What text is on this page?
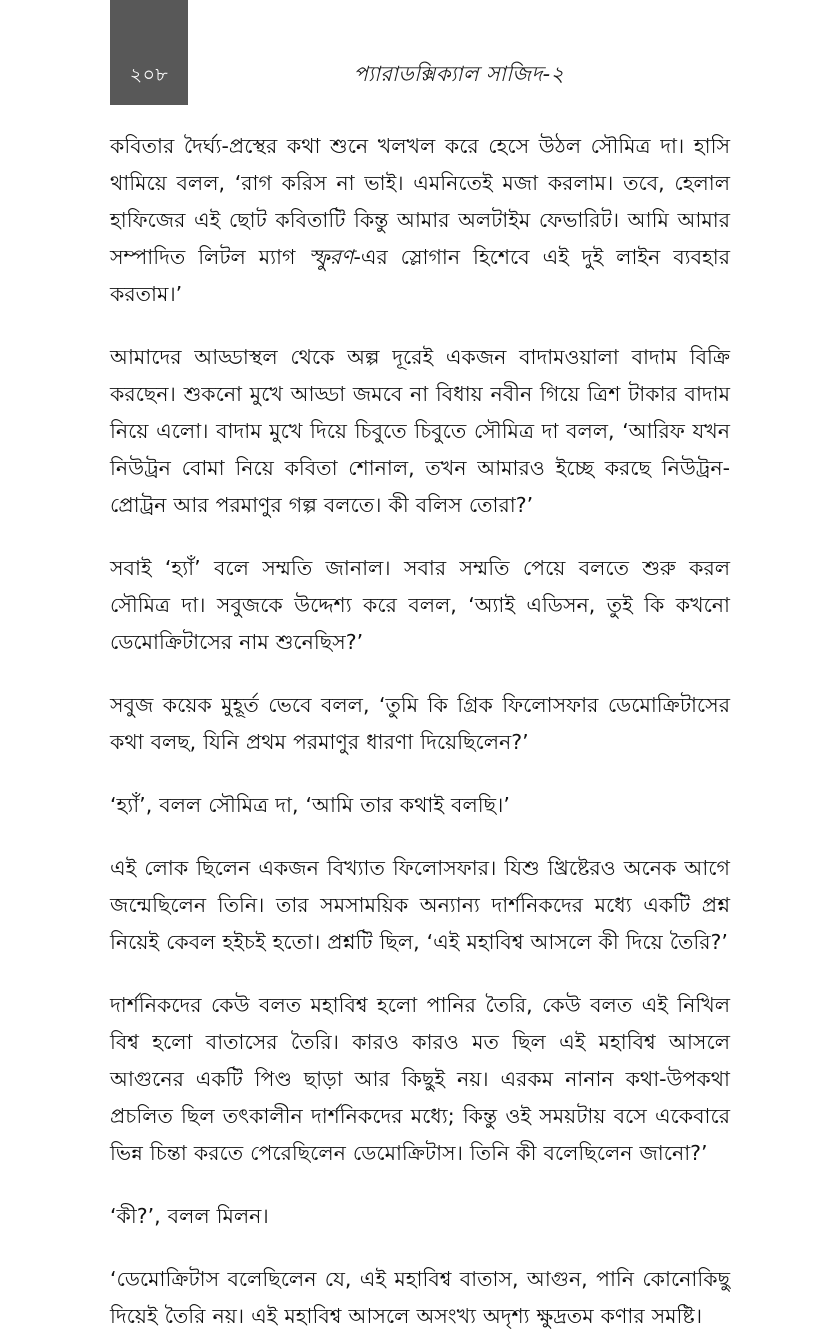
২০৮	প্যারাডক্সিক্যাল সাজিদ-২

কবিতার দৈর্ঘ্য-প্রস্থের কথা শুনে খলখল করে হেসে উঠল সৌমিত্র দা। হাসি থামিয়ে বলল, ‘রাগ করিস না ভাই। এমনিতেই মজা করলাম। তবে, হেলাল হাফিজের এই ছোট কবিতাটি কিন্তু আমার অলটাইম ফেভারিট। আমি আমার সম্পাদিত লিটল ম্যাগ স্ফুরণ-এর স্লোগান হিশেবে এই দুই লাইন ব্যবহার করতাম।’

আমাদের আড্ডাস্থল থেকে অল্প দূরেই একজন বাদামওয়ালা বাদাম বিক্রি করছেন। শুকনো মুখে আড্ডা জমবে না বিধায় নবীন গিয়ে ত্রিশ টাকার বাদাম নিয়ে এলো। বাদাম মুখে দিয়ে চিবুতে চিবুতে সৌমিত্র দা বলল, ‘আরিফ যখন নিউট্রন বোমা নিয়ে কবিতা শোনাল, তখন আমারও ইচ্ছে করছে নিউট্রন-প্রোট্রন আর পরমাণুর গল্প বলতে। কী বলিস তোরা?’

সবাই ‘হ্যাঁ’ বলে সম্মতি জানাল। সবার সম্মতি পেয়ে বলতে শুরু করল সৌমিত্র দা। সবুজকে উদ্দেশ্য করে বলল, ‘অ্যাই এডিসন, তুই কি কখনো ডেমোক্রিটাসের নাম শুনেছিস?’

সবুজ কয়েক মুহূর্ত ভেবে বলল, ‘তুমি কি গ্রিক ফিলোসফার ডেমোক্রিটাসের কথা বলছ, যিনি প্রথম পরমাণুর ধারণা দিয়েছিলেন?’

‘হ্যাঁ’, বলল সৌমিত্র দা, ‘আমি তার কথাই বলছি।’

এই লোক ছিলেন একজন বিখ্যাত ফিলোসফার। যিশু খ্রিষ্টেরও অনেক আগে জন্মেছিলেন তিনি। তার সমসাময়িক অন্যান্য দার্শনিকদের মধ্যে একটি প্রশ্ন নিয়েই কেবল হইচই হতো। প্রশ্নটি ছিল, ‘এই মহাবিশ্ব আসলে কী দিয়ে তৈরি?’

দার্শনিকদের কেউ বলত মহাবিশ্ব হলো পানির তৈরি, কেউ বলত এই নিখিল বিশ্ব হলো বাতাসের তৈরি। কারও কারও মত ছিল এই মহাবিশ্ব আসলে আগুনের একটি পিণ্ড ছাড়া আর কিছুই নয়। এরকম নানান কথা-উপকথা প্রচলিত ছিল তৎকালীন দার্শনিকদের মধ্যে; কিন্তু ওই সময়টায় বসে একেবারে ভিন্ন চিন্তা করতে পেরেছিলেন ডেমোক্রিটাস। তিনি কী বলেছিলেন জানো?’

‘কী?’, বলল মিলন।

‘ডেমোক্রিটাস বলেছিলেন যে, এই মহাবিশ্ব বাতাস, আগুন, পানি কোনোকিছু দিয়েই তৈরি নয়। এই মহাবিশ্ব আসলে অসংখ্য অদৃশ্য ক্ষুদ্রতম কণার সমষ্টি।
